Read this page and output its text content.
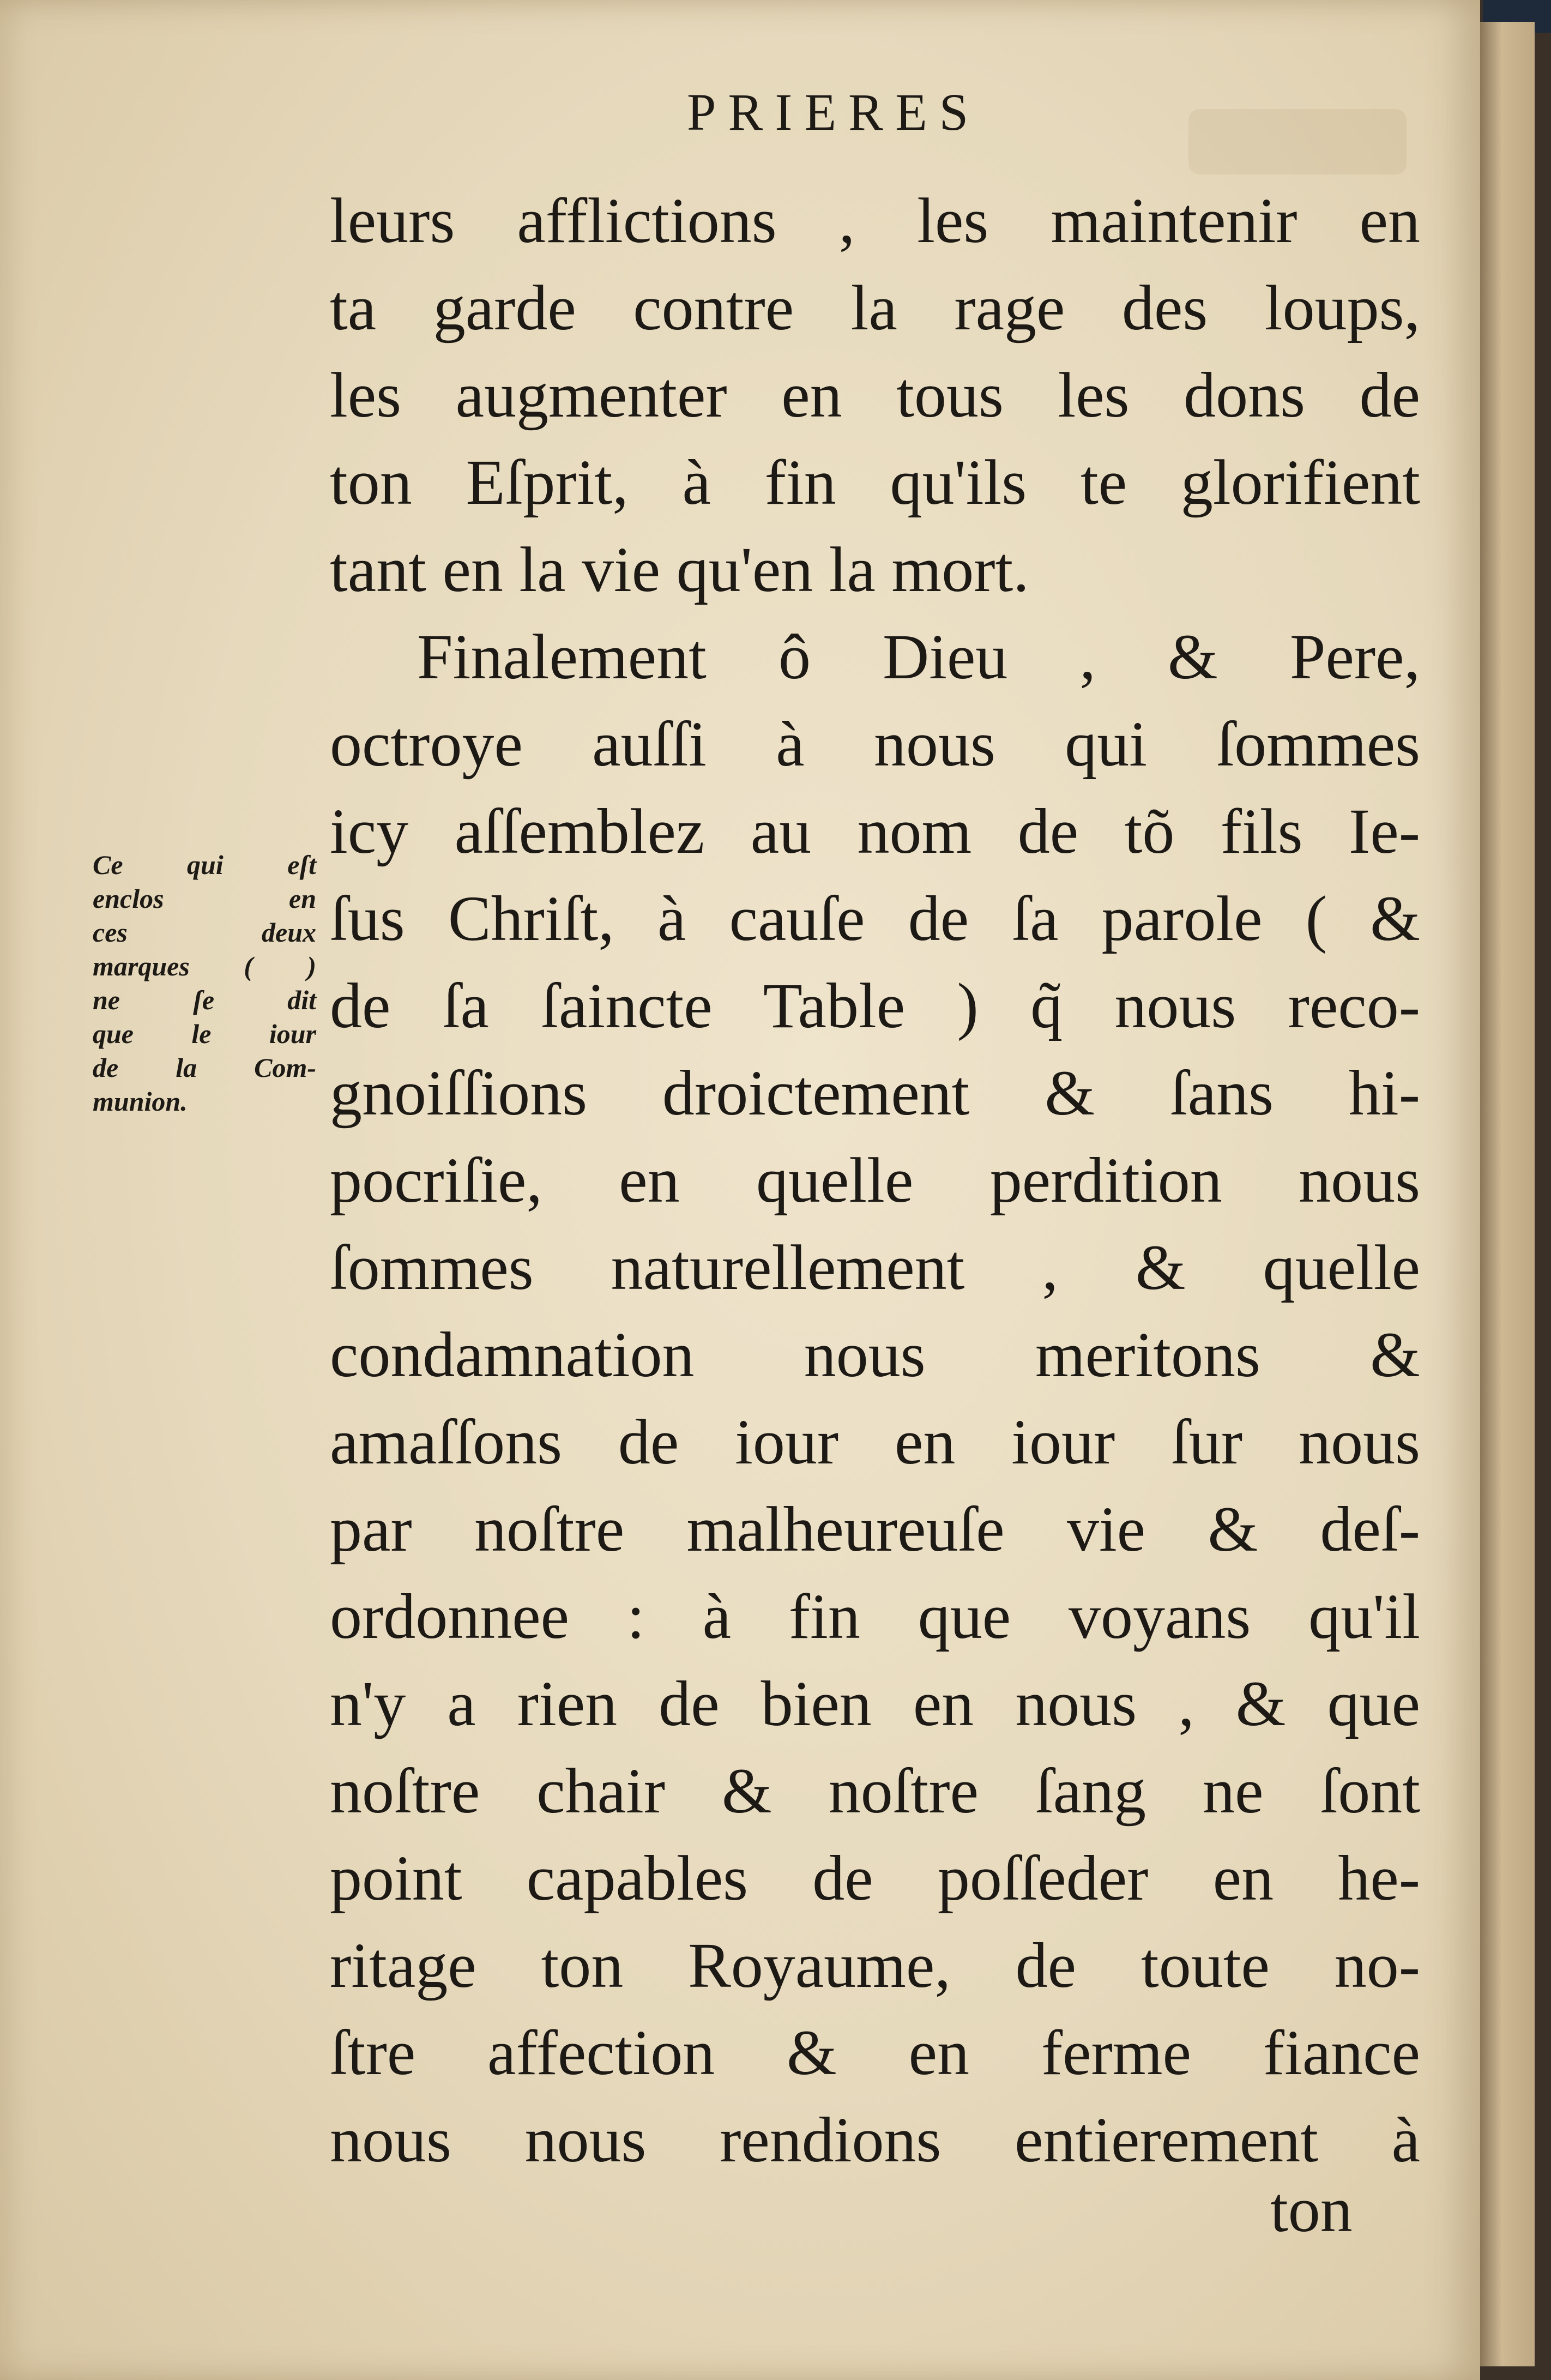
PRIERES
Ce qui eſt
enclos en
ces deux
marques ( )
ne ſe dit
que le iour
de la Com-
munion.
leurs afflictions , les maintenir en
ta garde contre la rage des loups,
les augmenter en tous les dons de
ton Eſprit, à fin qu'ils te glorifient
tant en la vie qu'en la mort.
Finalement ô Dieu , & Pere,
octroye auſſi à nous qui ſommes
icy aſſemblez au nom de tõ fils Ie-
ſus Chriſt, à cauſe de ſa parole ( &
de ſa ſaincte Table ) q̃ nous reco-
gnoiſſions droictement & ſans hi-
pocriſie, en quelle perdition nous
ſommes naturellement , & quelle
condamnation nous meritons &
amaſſons de iour en iour ſur nous
par noſtre malheureuſe vie & deſ-
ordonnee : à fin que voyans qu'il
n'y a rien de bien en nous , & que
noſtre chair & noſtre ſang ne ſont
point capables de poſſeder en he-
ritage ton Royaume, de toute no-
ſtre affection & en ferme fiance
nous nous rendions entierement à
ton
